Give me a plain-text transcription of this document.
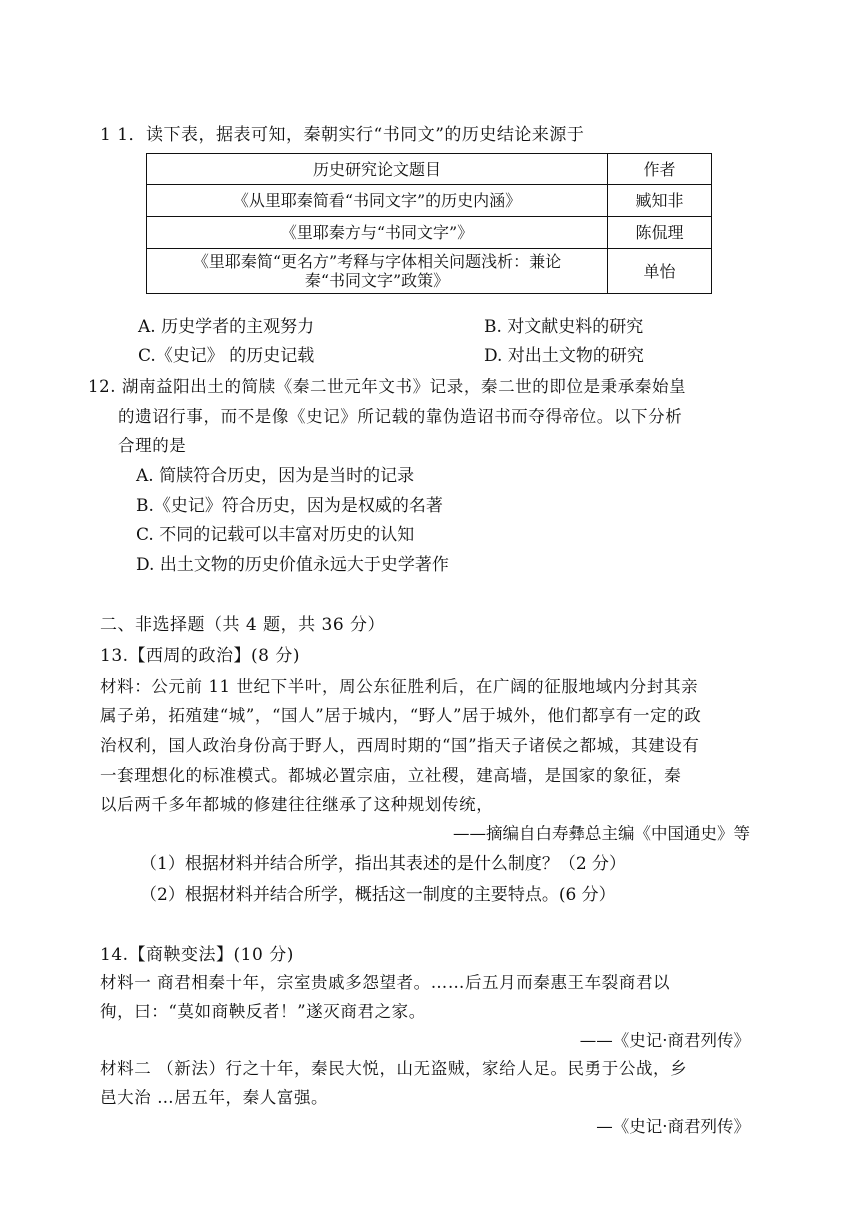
1 1．读下表，据表可知，秦朝实行“书同文”的历史结论来源于
历史研究论文题目	作者
《从里耶秦简看“书同文字”的历史内涵》	臧知非
《里耶秦方与“书同文字”》	陈侃理

《里耶秦简“更名方”考释与字体相关问题浅析：兼论
秦“书同文字”政策》	单怡
A. 历史学者的主观努力	B. 对文献史料的研究
C.《史记》 的历史记载	D. 对出土文物的研究
12. 湖南益阳出土的简牍《秦二世元年文书》记录，秦二世的即位是秉承秦始皇
的遗诏行事，而不是像《史记》所记载的靠伪造诏书而夺得帝位。以下分析
合理的是
A. 简牍符合历史，因为是当时的记录
B.《史记》符合历史，因为是权威的名著
C. 不同的记载可以丰富对历史的认知
D. 出土文物的历史价值永远大于史学著作
二、非选择题（共 4 题，共 36 分）
13.【西周的政治】(8 分)
材料：公元前 11 世纪下半叶，周公东征胜利后，在广阔的征服地域内分封其亲
属子弟，拓殖建“城”，“国人”居于城内，“野人”居于城外，他们都享有一定的政
治权利，国人政治身份高于野人，西周时期的“国”指天子诸侯之都城，其建设有
一套理想化的标准模式。都城必置宗庙，立社稷，建高墙，是国家的象征，秦
以后两千多年都城的修建往往继承了这种规划传统，
——摘编自白寿彝总主编《中国通史》等
（1）根据材料并结合所学，指出其表述的是什么制度？（2 分）
（2）根据材料并结合所学，概括这一制度的主要特点。(6 分）
14.【商鞅变法】(10 分)
材料一 商君相秦十年，宗室贵戚多怨望者。……后五月而秦惠王车裂商君以
徇，曰：“莫如商鞅反者！”遂灭商君之家。
——《史记·商君列传》
材料二 （新法）行之十年，秦民大悦，山无盗贼，家给人足。民勇于公战，乡
邑大治 …居五年，秦人富强。
—《史记·商君列传》
